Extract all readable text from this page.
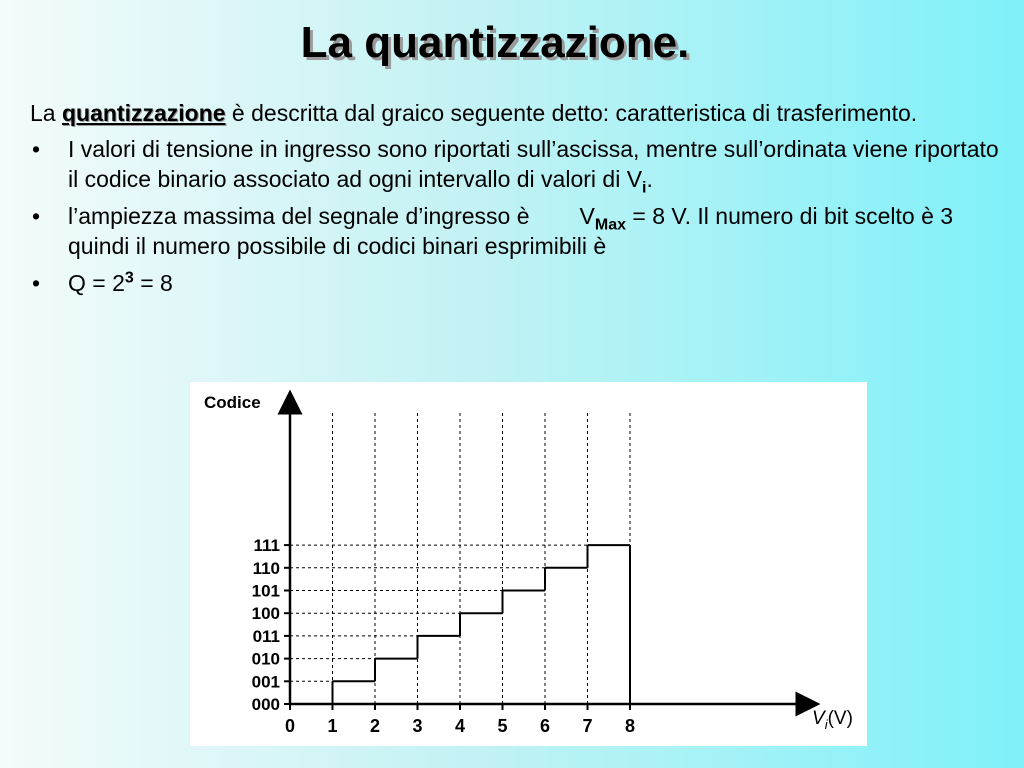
La quantizzazione.
La quantizzazione è descritta dal graico seguente detto: caratteristica di trasferimento.
• I valori di tensione in ingresso sono riportati sull’ascissa, mentre sull’ordinata viene riportato il codice binario associato ad ogni intervallo di valori di $V_i$.
• l’ampiezza massima del segnale d’ingresso è $V_{Max} = 8$ V. Il numero di bit scelto è 3 quindi il numero possibile di codici binari esprimibili è
• $Q = 2^3 = 8$
Codice
$V_i(V)$
000
001
010
011
100
101
110
111
0 1 2 3 4 5 6 7 8
